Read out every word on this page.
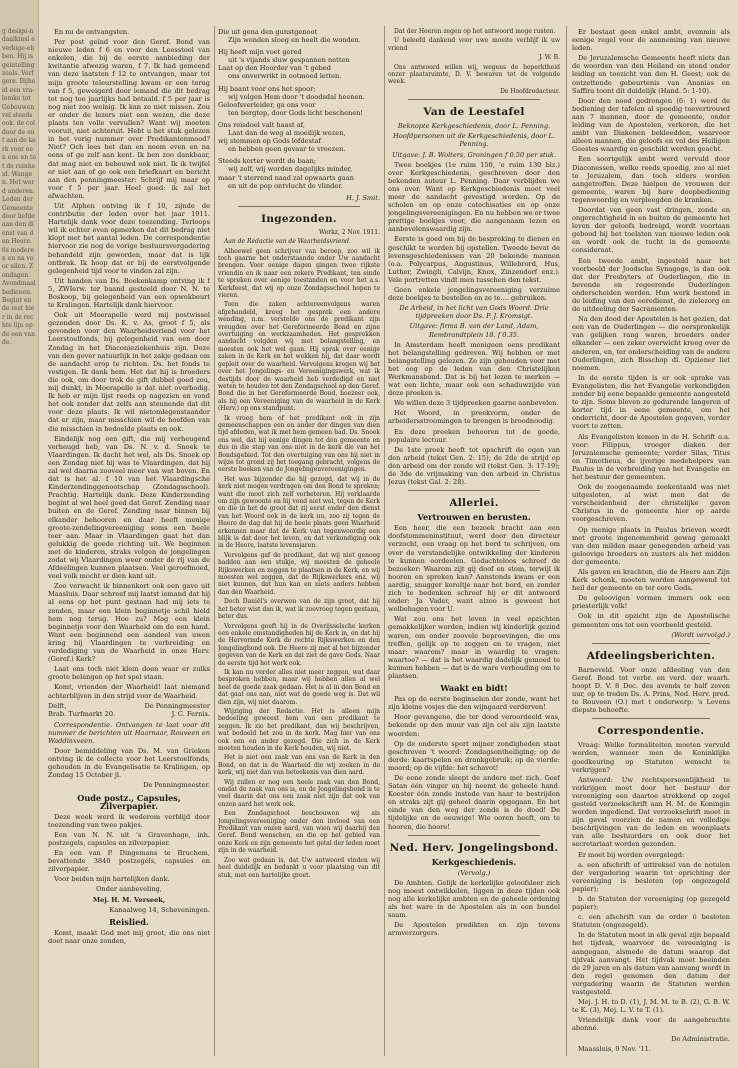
g desige-ndaalkinsl e verkige-ebben. Hij is geintelling zoals. Verf gere. Bijheid een vra-lemke tot Gebouwen vel steeds ook. de col door de ent aan de kerk voor een ene en tot de reinheid. Wangen. Het werd anderen. Leden der Gemeente door liefde aan den dienst van den Heere. 6s moderen en na voor allen. Zondagen. Avondmaal bedienen. Begint en de rest hier in de rechte lijn op de een van de.

En nu de ontvangsten.

Per post geïnd voor den Geref. Bond van nieuwe leden f 6 en voor den Leesstoel van enkelen, die bij de eerste aanbieding der kwitantie afwezig waren, f 7. Ik had gemeend van deze laatsten f 12 te ontvangen, maar tot mijn groote teleurstelling kwam er een terug van f 5, geweigerd door iemand die dit bedrag tot nog toe jaarlijks had betaald. f 5 per jaar is nog niet zoo weinig. Ik kan ze niet missen. Zou er onder de lezers niet een wezen, die deze plaats ten volle vervullen? Want wij moeten vooruit, niet achteruit. Hebt u het stuk gelezen in het vorig nummer over Predikantenmood? Niet? Och lees het dan en neem even en na eens of ge zelf aan kent. Ik ben zoo dankbaar, dat mag niet en bebouwd ook niet. Ik ik twijfel er niet aan of ge ook een briefkaart en bericht aan den penningmeester: Schrijf mij maar op voor f 5 per jaar. Heel goed: ik zal het afwachten.

Uit Alphen ontving ik f 10, zijnde de contributie der leden over het jaar 1911. Hartelijk dank voor deze toezending. Terloops wil ik echter even opmerken dat dit bedrag niet klopt met het aantal leden. De correspondentie hiervoor zie nog de vorige bestuursvergadering behandeld zijn geworden, maar dat is lijk ontbrak. Ik hoop dat er bij de eerstvolgende gelegenheid tijd voor te vinden zal zijn.

Uit handen van Ds. Boekenkamp ontving ik f 5, ZWIerw. ter baand gestoeld door N. N. te Boskoop, bij gelegenheid van een opwekbeurt te Kralingen. Hartelijk dank hiervoor.

Ook uit Moerapelle werd mij postwissel gezonden door Ds. K. v. As, groot f 5, als gevonden voor den Waarheidsvriend voor het Leerstoelfonds, bij gelegenheid van een door Zondag in het Diaconieziekenhuis zijn. Deze van den gever natuurlijk in het zakje gedaan om de aandacht erop te richten. Ds. het fonds te vestigen. Ik dank hem. Het dat hij is broeders die ook, om door trok de gift dubbel goed zou, mij dunkt, in Moerapelle is dat niet overbodig. Ik heb er mijn lijst reeds op nagezien en vond het ook zonder dat zelfs aan steunende dat dit voor deze plaats. Ik wil nietomlegenstaander dat er zijn, maar misschien wil de hoofden van die misschien in bedoelde plaats en ook.

Eindelijk nog een gift, die mij verheugend verheugd heb, van Ds. N. v. d. Snoek te Vlaardingen. Ik dacht het wel, als Ds. Snoek op een Zondag niet hij was te Vlaardingen, dat hij zal wel daarna zooveel meer van wat boven. En dat is het al. f 10 van het Vlaardingsche Kinderzendinggenootschap (Zondagsschool). Prachtig. Hartelijk dank. Deze Kinderzending begint al wel heel goed dat Geref. Zending naar buiten en de Geref. Zending naar binnen bij elkander behooren en daar heeft menige groote-zendelingvereeniging soms een heele toer aan. Maar in Vlaardingen gaat het dan gelukkig de goede richting uit. We beginnen met de kinderen, straks volgen de jongelingen zodat wij Vlaardingen weer onder de rij van de Afdeelingen kunnen plaatsen. Veel geroefmoed, veel volk mocht er dien kant uit.

Zoo verwacht ik binnenkort ook een gave uit Maasluis. Daar schreef mij laatst iemand dat hij al eens op het punt gestaan had mij iets te zenden, maar een klein beginnetje schil hield hem nog terug. Hoe zu? Mag een klein beginnetje voor den Waarheid om de een hand. Want een beginnend een aandeel van uwen kring bij Vlaardingen te verbreiding en verdediging van de Waarheid in onze Herv. (Geref.) Kerk?

Laat ons toch niet klein doen waar er zulks groote belangen op het spel staan.

Komt, vrienden der Waarheid! laat niemand achterblijven in den strijd voor de Waarheid.

Delft,	De Penningmeester
Brab. Turfmarkt 20.	J. C. Fernis.

Correspondentie. Ontvangen te laat voor dit nummer de berichten uit Haarnaar, Rouveen en Waddinxveen.

Door bemiddeling van Ds. M. van Grieken ontving ik de collecte voor het Leerstoelfonds, gehouden in de Evangelisatie te Kralingen, op Zondag 15 October jl.

De Penningmeester.

Oude postz., Capsules, Zilverpapier.

Deze week werd ik wederom verblijd door toezending van twee pakjes.

Een van N. N. uit 's Gravenhage, inh. postzegels, capsules en zilverpapier.

En een van P. Dingemans te Bruchem, bevattende 3840 postzegels, capsules en zilverpapier.

Voor beiden mijn hartelijken dank.

Onder aanbeveling,

Mej. H. M. Verseek,

Kanaalweg 14, Scheveningen.

Reislied.

Komt, maakt God met mij groot, die ons niet doet naar onze zonden,

Die uit gena den gunstgenoot

Zijn wonden sloeg en heelt die wonden.

Hij heeft mijn voet gered

uit 's vijands sluw gespannen netten

Laat op den Hoorder van 't gebed

ons onverwrikt in ootmoed letten.

Hij baant voor ons het spoor;

wij volgen Hem door 't doodsdal heenen.

Geloofsverleider, ga ons voor

ten bergtop, door Gods licht beschenen!

Ons reisdoel valt haast af,

Laat dan de weg al moeilijk wezen,

wij stemmen op Gods lofdestaf

en hebben geen gevaar te vreezen.

Steeds korter wordt de baan;

wij zelf, wij worden dagelijks minder,

maar 't sterrend naad zal opwaarts gaan

en uit de pop ontvlucht de vlinder.

H. J. Smit.

Ingezonden.

Werkz, 2 Nov. 1911.

Aan de Redactie van de Waarheidsvriend.

Alhoewel geen schrijver van beroep, zoo wil ik toch gaarne het onderstaande onder Uw aandacht brengen. Voor eenige dagen gingen twee rijkste vriendin en ik naar een zekere Predikant, ten einde te spreken over eenige toestanden en voor het a.s. Kerkfeest, dat wij op onze Zondagsschool hopen te vieren.

Toen die zaken achtereenvolgens waren afgehandeld, kreeg het gesprek een andere wending, n.m. verstelde ons de predikant zijn vreugden over het Gereformeerde Bond en zijne overtuiging en werkzaamheden. Het gesprekken aandacht volgden wij met belangstelling, en moesten ook het wel gaan. Hij sprak over eenige zaken in de Kerk en het wekken hij, dat daar wordt gepleit over de waarheid. Vervolgens kregen wij het over het Jongelings- en Vereenigingswerk, wat ik destijds door de waarheid heb verdedigd en niet weten te houden tot den Zondagschool op den Geref. Bond die in het Gereformeerde Bond, hoezeer ook, als hij een Vereeniging van de waarheid in de Kerk (Herv.) op ons standpunt.

Ik vroeg hem of het predikant ook in zijn gemeenschappen een en ander der dingen van dien tijd afdeden, wat ik met hem gemeen had. Ds. Snoek ons wel, dat hij eenige dingen tot den gemeente en dus in die stap van ons niet in de kerk die van het Bondsgebied. Tot den overtuiging van ons hij niet in wijze tot grond zij het toegang gebracht, volgens de eerste boeken van de Jongelingenvereenigingen.

Het was bijzonder die hij gezegd, dat wij in de kerk niet mogen verdragen om den Bond te spreken; want die moet zich zelf verbeteren. Hij verklaarde om zijn gewoonte en hij vond niet wel, tegen de Kerk en die in het de groot dat zij eerst onder den dienst van het Woord ook in de kerk nu, zoo zij tegen de Heere de dag dat hij de heele plaats geen Waarheid erkennen maar dat de Kerk van tegenwoordig een blijk is dat door het leven, en dat verkondiging ook in de Heere, laatste levensjaren.

Vervolgens gaf de predikant, dat wij niet genoeg hadden aan een stukje, wij moesten de geheele Rijkswerken en zeggen te plaatsen in de Kerk, en wij moesten wel zeggen, dat de Rijkswerkers enz. wij niet kunnen, dat hun kan en niets anders hebben dan den Waarheid.

Doch Daniël's overwon van de zijn groot, dat hij het beter wist dan ik, wat ik zoovroeg tegen gestaan, beter dus.

Vervolgens geeft hij in de Overijsselsche kerken een enkele omstandigheden bij de Kerk in, en dat hij de Hervormde Kerk de rechte Rijkswerken en den Jongelingbond ook. De Heere zij met al het bijzonder gegeven van de Kerk en dat ziet de gave Gods. Naar de eerste tijd het werk ook.

Ik kan nu verder alles niet meer zeggen, wat daar besproken hebben, maar wij hebben allen al wel heel de goede zaak gedaan. Het is al in den Bond en dat gaat ons aan, niet wat de goede weg is. Dat wil dien zijn, wij niet daarom.

Wijziging der Redactie. Het is alleen mijn bedoeling geweest hem van een predikant te zeggen. Ik zie het predikant, dan wij beschrijven, wat bedoeld het zou in de kerk. Mag hier van ons ook een en ander gezegd. Die zich in de Kerk moeten houden in de Kerk houden, wij niet.

Het is niet een zaak van ons van de Kerk in den Bond, en dat is de Waarheid die wij zoeken in de kerk, wij niet dan van beteekenis van dien aard.

Wij zullen er nog een heele zaak van den Bond, omdat de zaak van ons is, en de Jongelingsbond is te veel daarin dat ons een zaak niet zijn dat ook van onzen aard het werk ook.

Een Zondagschool beschouwen wij als Jongelingsvereeniging onder den invloed van een Predikant van onzen aard, van wien wij daarbij den Geref. Bond wenschen, en die op het gebied van onze Kerk en zijn gemeente het getal der leden moet zijn in de waarheid.

Zoo wat gedaan is, dat Uw antwoord vinden wij heel duidelijk en bedankt u voor plaatsing van dit stuk, met een hartelijke groet.

Dat der Heeren zegen op het antwoord moge rusten.

U beleefd dankend voor uwe moeite verblijf ik uw vriend

J. W. B.

Ons antwoord willen wij, wegens de beperktheid onzer plaatsruimte, D. V. bewaren tot de volgende week.

De Hoofdredacteur.

Van de Leestafel

Beknopte Kerkgeschiedenis, door L. Penning.

Hoofdpersonen uit de Kerkgeschiedenis, door L. Penning.

Uitgave: J. B. Wolters, Groningen f 0.50 per stuk.

Twee boekjes (1e ruim 150, 'e ruim 130 blz.) over Kerkgeschiedenis, geschreven door den bekenden auteur L. Penning. Daar verblijden we ons over. Want op Kerkgeschiedenis moet veel meer de aandacht gevestigd worden. Op de scholen en op onze catechisaties en op onze jongelingsvereenigingen. En nu hebben we er twee prettige boekjes voor, die aangenaam lezen en aanbevelenswaardig zijn.

Eerste is goed om bij de bespreking te dienen en geschikt te worden bij opstellen. Tweede bevat de levensgeschiedenissen van 20 bekende mannen (o.a. Polycarpus, Augustinus, Willebrord, Hus, Luther, Zwingli, Calvijn, Knox, Zinzendorf enz.). Vele portretten vindt men tusschen den tekst.

Geen enkele jongelingsvereeniging verzuime deze boekjes te bestellen en ze te.... gebruiken.

De Arbeid, in het licht van Gods Woord. Drie tijdpreeken door Ds. P. J. Kromsigt.

Uitgave: firma B. van der Land, Adam, Rembrandtplein 18. f 0.35.

In Amsterdam heeft menigeen eens predikant het belangstelling gedreven. Wij hebben er met belangstelling gelezen. Ze zijn gehouden voor met het oog op de leden van den Christelijken Werkmansbond. Dat is bij het lezen te merken — wat een lichte, maar ook een schaduwzijde van deze preeken is.

We willen deze 3 tijdpreeken gaarne aanbevelen.

Het Woord, in preekvorm, onder de arbeidersstroomingen te brengen is broodnoodig.

En deze preeken behooren tot de goede, populaire lectuur.

De 1ste preek heeft tot opschrift de ogen van den arbeid (tekst Gen. 2: 15); de 2de de strijd op den arbeid om der zonde wil (tekst Gen. 3: 17-19); de 3de de vrijmaking van den arbeid in Christus Jezus (tekst Gal. 2: 28).

Allerlei.
Vertrouwen en berusten.

Een heer, die een bezoek bracht aan een doofstommeninstituut, werd door den directeur verzocht, een vraag op het bord te schrijven, om over de verstandelijke ontwikkeling der kinderen te kunnen oordeelen. Gedachteloos schreef de bezoeker: Waarom zijt gij doof en stom, terwijl ik hooren en spreken kan? Aanstonds kwam er een aardig, snugger kereltje naar het bord, en zonder zich te bedenken schreef hij er dit antwoord onder: Ja Vader, want alzoo is geweest het welbehagen voor U.

Wat zou ons het leven in veel opzichten gemakkelijker worden, indien wij kinderlijk gezind waren, om onder zoovele beproevingen, die ons treffen, gelijk op te zeggen en te vragen, niet maar: waarom? maar in waardig te vragen: waartoe? — dat is het waardig dadelijk gemoed te kunnen hebben — dat is de ware verhouding om te plaatsen.

Waakt en bidt!

Pas op de eerste beginselen der zonde, want het zijn kleine vosjes die den wijngaard verderven!

Hoor gevangene, die ter dood veroordeeld was, bekende op den muur van zijn cel als zijn laatste woorden:

Op de onderste sport mijner zondigheden staat geschreven 't woord: Zondagsontheiliging; op de derde: kaartspelen en drankgebruik; op de vierde: moord; op de vijfde: het schavot!

De eene zonde sleept de andere met zich. Geef Satan één vinger en hij neemt de geheele hand. Koester één zonde instede van haar te bestrijden en straks zijt gij geheel daarin opgegaan. En het einde van den weg der zonde is de dood! De tijdelijke en de eeuwige! Wie ooren heeft, om te hooren, die hoore!

Ned. Herv. Jongelingsbond.
Kerkgeschiedenis.

(Vervolg.)

De Ambten. Gelijk de kerkelijke geloofsleer zich nog moest ontwikkelen, liggen in deze tijden ook nog alle kerkelijke ambten en de geheele ordening als het ware in de Apostelen als in een bundel saam.

De Apostelen predikten en zijn tevens armverzorgers.

Er bestaat geen enkel ambt, evenmin als eenige regel voor de aanneming van nieuwe leden.

De Jeruzalemsche Gemeente heeft niets dan de woorden van den Heiland en stond onder leiding en toezicht van den H. Geest; ook de ontzettende gebeurtenis van Ananias en Saffira toont dit duidelijk (Hand. 5: 1-10).

Door den nood gedrongen (6: 1) werd de bediening der tafelen al spoedig toevertrouwd aan 7 mannen, door de gemeente, onder leiding van de Apostelen, verkoren, die het ambt van Diakenen bekleedden, waarvoor alleen mannen, die geloofs en vol des Heiligen Geestes waardig en geschikt werden geacht.

Een soortgelijk ambt werd vervuld door Diaconessen, welke reeds spoedig, zoo al niet te Jeruzalem, dan toch elders worden aangetroffen. Deze hielpen de vrouwen der gemeente, waren bij hare doopbediening tegenwoordig en verpleegden de kranken.

Doordat ven geen vast dringen, zonde en ongerechtigheid in en buiten de gemeente het leven der geloofs bedreigd, wordt voortaan gebood bij het toelaten van nieuwe leden ook en wordt ook de tucht in de gemeente consideraat.

Een tweede ambt, ingesteld naar het voorbeeld der Joodsche Synagoge, is dan ook dat der Presbyters of Ouderlingen, die in bevende en regeerende Ouderlingen onderscheiden werden. Hun werk bestond in de leiding van den eeredienst, de zielezorg en de uitdeeling der Sacramenten.

Na den dood der Apostelen is het gezien, dat een van de Ouderlingen — die oorspronkelijk van gelijken rang waren, broeders onder elkander — een zeker overwicht kreeg over de anderen, en, ter onderscheiding van de andere Ouderlingen, zich Bisschop dl. Opziener liet noemen.

In de eerste tijden is er ook sprake van Evangelisten, die het Evangelie verkondigden zonder bij eene bepaalde gemeente aangesteld te zijn. Soms bleven ze gedurende langeren of korter tijd in eene gemeente, om het onderricht, door de Apostelen gegeven, verder voort te zetten.

Als Evangelisten komen in de H. Schrift o.a. voor: Filippus, vroeger diaken der Jeruzalemsche gemeente; verder Silas, Titus en Timotheus, de ijverige medehelpers van Paulus in de verbreiding van het Evangelie en het bestuur der gemeenten.

Ook de zoogenaamde zeekentaald was niet uitgesloten, al wist men dat de verscheidenheid der christelijke gaven Christus in de gemeente hier op aarde voorgeschreven.

Op menige plaats in Paulus brieven wordt met groote ingenomenheid gewag gemaakt van den milden maar genegenden arbeid van geloovige broeders en zusters als het midden der gemeente.

Als gaven en krachten, die de Heere aan Zijn Kerk schonk, moeten worden aangewend tot heil der gemeente en ter eere Gods.

De geloovigen vormen immers ook een priesterlijk volk!

Ook in dit opzicht zijn de Apostolische gemeenten ons tot een voorbeeld gesteld.

(Wordt vervolgd.)

Afdeelingsberichten.

Barneveld. Voor onze afdeeling van den Geref. Bond tot verbr. en verd. der waarh. hoopt D. V. 8 Dec. des avonds te half zeven uur, op te treden Ds. A. Prins, Ned. Herv. pred. te Rouveen (O.) met t onderwerp: 's Levens diepste behoefte.

Correspondentie.

Vraag: Welke formaliteiten moeten vervuld worden, wanneer men de Koninklijke goedkeuring op Statuten wenscht te verkrijgen?

Antwoord: Uw rechtspersoonlijkheid te verkrijgen moet door het bestuur der vereeniging een daartoe strekkend op zegel gesteld verzoekschrift aan H. M. de Koningin worden ingediend. Dat verzoekschrift moet in zijn geval voorzien de namen en volledige beschrijvingen van de leden en woonplaats van alle bestuurders en ook door het secretariaat worden gezonden.

Er moet bij worden overgelegd:

a. een afschrift of uittreksel van de notulen der vergadering waarin tot oprichting der vereeniging is besloten (op ongezegeld papier);

b. de Statuten der vereeniging (op gezegeld papier);

c. een afschrift van de order ö besloten Statuten (ongezegeld).

In de Statuten moet in elk geval zijn bepaald het tijdvak, waarvoor de vereeniging is aangegaan, alsmede de datum waarop dat tijdvak aanvangt. Het tijdvak moet beeinden de 29 jaren en als datum van aanvang wordt in den regel genomen den datum der vergadering waarin de Statuten werden vastgesteld.

Mej. J. H. to D. (1), J. M. M. te B. (2), G. B. W. te K. (3), Mej. L. V. te T. (1).

Vriendelijk dank voor de aangebrachte abonné.

De Administratie.

Maassluis, 9 Nov. '11.
